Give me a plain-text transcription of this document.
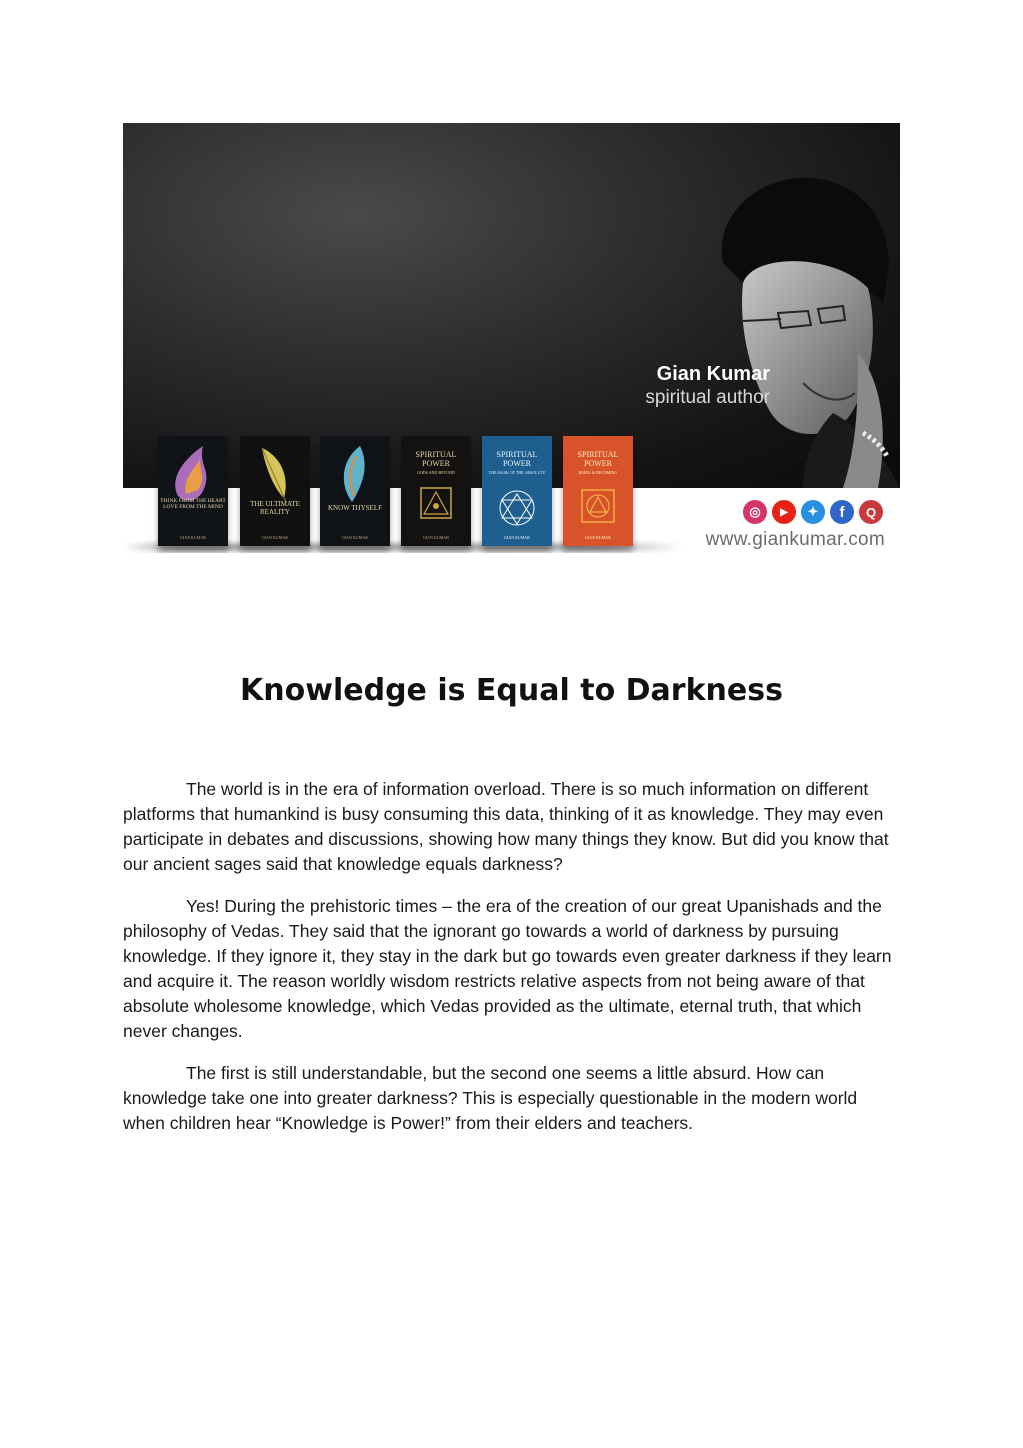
Gian Kumar
spiritual author
THINK FROM THE HEART LOVE FROM THE MIND
GIAN KUMAR
THE ULTIMATE REALITY
GIAN KUMAR
KNOW THYSELF
GIAN KUMAR
SPIRITUAL POWER
GODS AND BEYOND
GIAN KUMAR
SPIRITUAL POWER
THE MASK OF THE ABSOLUTE
GIAN KUMAR
SPIRITUAL POWER
BEING & BECOMING
GIAN KUMAR
◎ ▶ ✦ f Q
www.giankumar.com
Knowledge is Equal to Darkness

The world is in the era of information overload. There is so much information on different platforms that humankind is busy consuming this data, thinking of it as knowledge. They may even participate in debates and discussions, showing how many things they know. But did you know that our ancient sages said that knowledge equals darkness?

Yes! During the prehistoric times – the era of the creation of our great Upanishads and the philosophy of Vedas. They said that the ignorant go towards a world of darkness by pursuing knowledge. If they ignore it, they stay in the dark but go towards even greater darkness if they learn and acquire it. The reason worldly wisdom restricts relative aspects from not being aware of that absolute wholesome knowledge, which Vedas provided as the ultimate, eternal truth, that which never changes.

The first is still understandable, but the second one seems a little absurd. How can knowledge take one into greater darkness? This is especially questionable in the modern world when children hear “Knowledge is Power!” from their elders and teachers.
